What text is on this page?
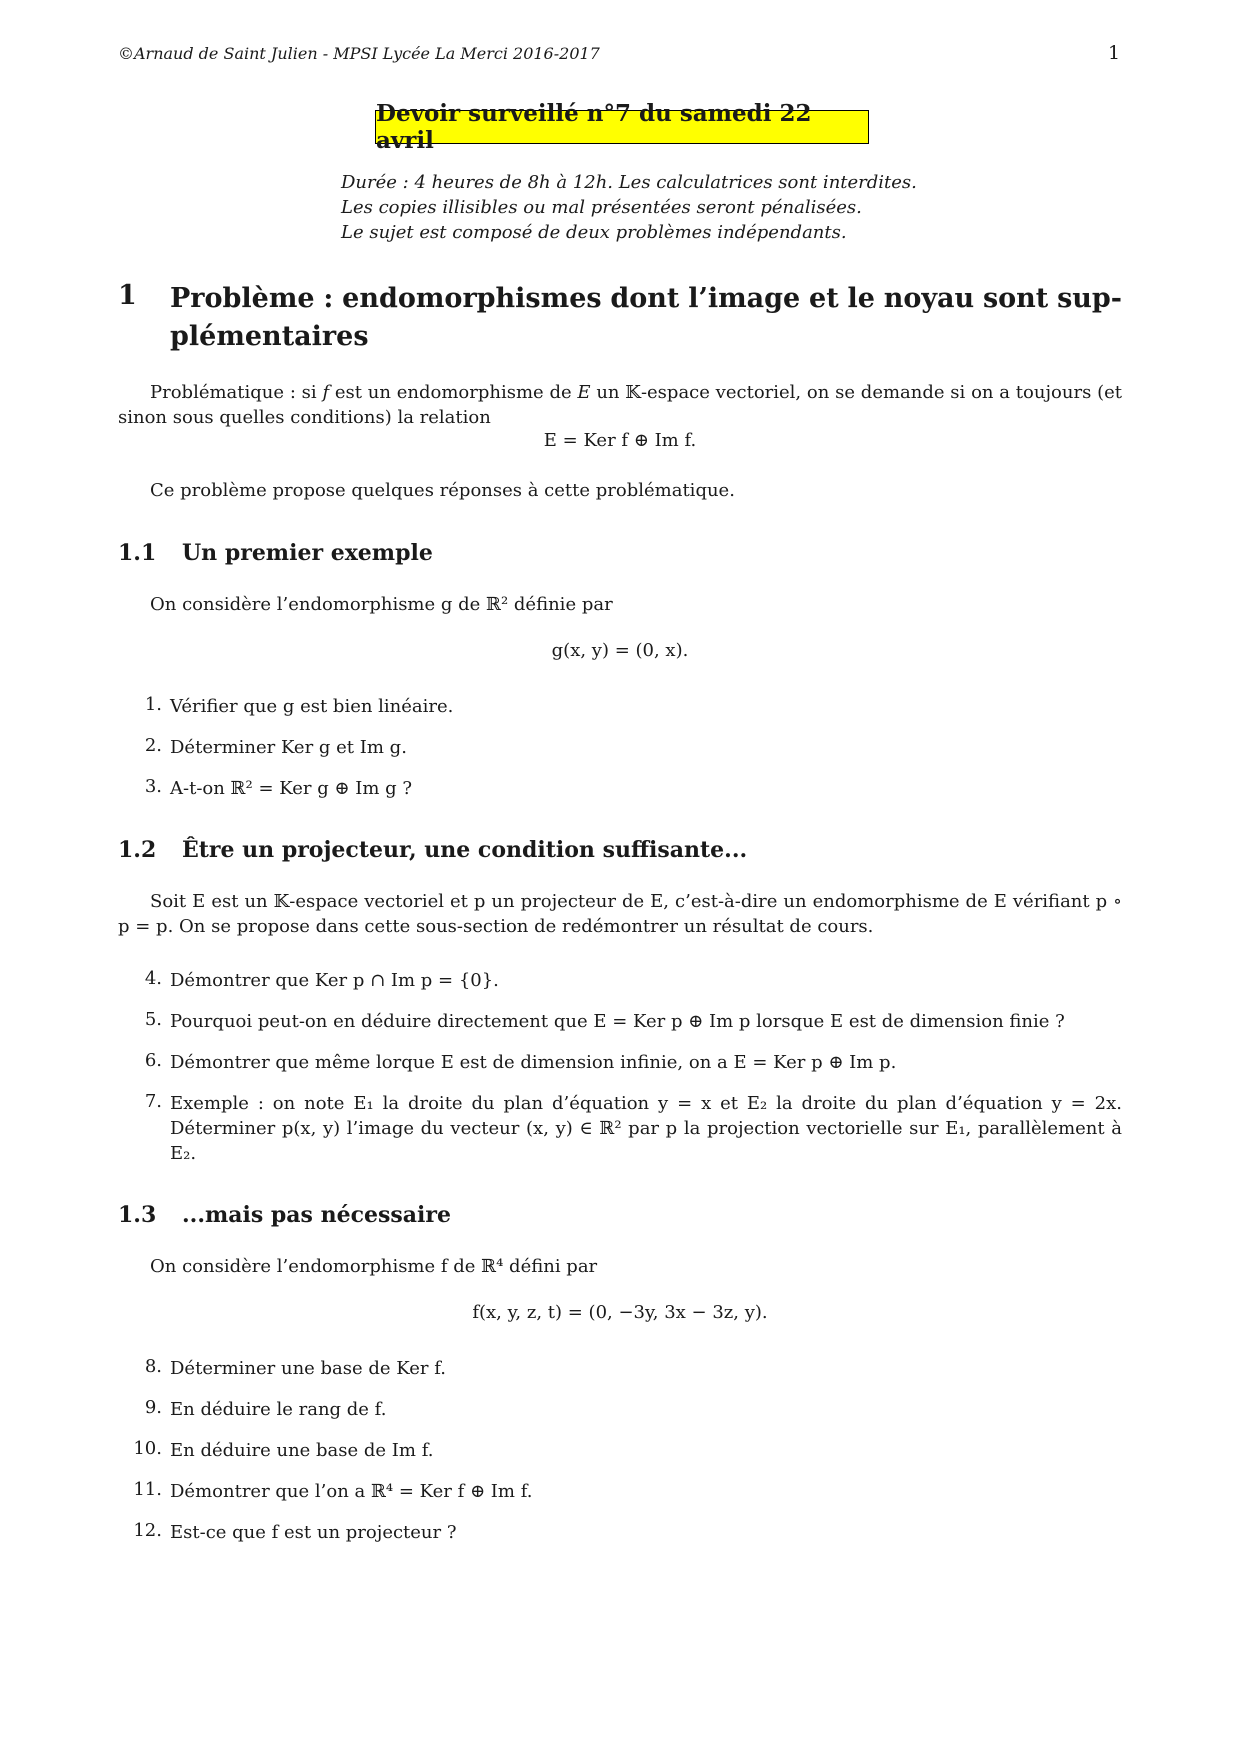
©Arnaud de Saint Julien - MPSI Lycée La Merci 2016-2017	1
Devoir surveillé n°7 du samedi 22 avril
Durée : 4 heures de 8h à 12h. Les calculatrices sont interdites.
Les copies illisibles ou mal présentées seront pénalisées.
Le sujet est composé de deux problèmes indépendants.
1 Problème : endomorphismes dont l’image et le noyau sont sup-
plémentaires
Problématique : si f est un endomorphisme de E un 𝕂-espace vectoriel, on se demande si on a toujours (et sinon sous quelles conditions) la relation
E = Ker f ⊕ Im f.
Ce problème propose quelques réponses à cette problématique.
1.1 Un premier exemple
On considère l’endomorphisme g de ℝ² définie par
g(x, y) = (0, x).
1. Vérifier que g est bien linéaire.
2. Déterminer Ker g et Im g.
3. A-t-on ℝ² = Ker g ⊕ Im g ?
1.2 Être un projecteur, une condition suffisante...
Soit E est un 𝕂-espace vectoriel et p un projecteur de E, c’est-à-dire un endomorphisme de E vérifiant p ∘ p = p. On se propose dans cette sous-section de redémontrer un résultat de cours.
4. Démontrer que Ker p ∩ Im p = {0}.
5. Pourquoi peut-on en déduire directement que E = Ker p ⊕ Im p lorsque E est de dimension finie ?
6. Démontrer que même lorque E est de dimension infinie, on a E = Ker p ⊕ Im p.
7. Exemple : on note E₁ la droite du plan d’équation y = x et E₂ la droite du plan d’équation y = 2x. Déterminer p(x, y) l’image du vecteur (x, y) ∈ ℝ² par p la projection vectorielle sur E₁, parallèlement à E₂.
1.3 ...mais pas nécessaire
On considère l’endomorphisme f de ℝ⁴ défini par
f(x, y, z, t) = (0, −3y, 3x − 3z, y).
8. Déterminer une base de Ker f.
9. En déduire le rang de f.
10. En déduire une base de Im f.
11. Démontrer que l’on a ℝ⁴ = Ker f ⊕ Im f.
12. Est-ce que f est un projecteur ?
